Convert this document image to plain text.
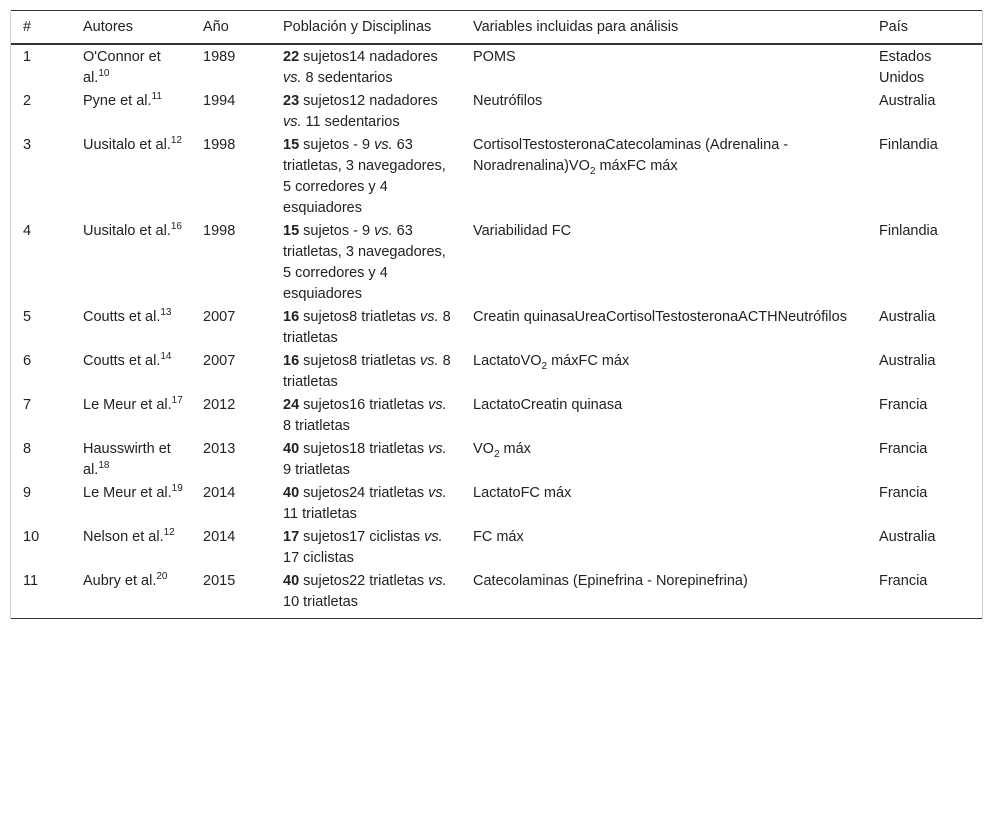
#	Autores	Año	Población y Disciplinas	Variables incluidas para análisis	País
1	O'Connor et al.$^{10}$	1989	22 sujetos14 nadadores vs. 8 sedentarios	POMS	Estados Unidos
2	Pyne et al.$^{11}$	1994	23 sujetos12 nadadores vs. 11 sedentarios	Neutrófilos	Australia
3	Uusitalo et al.$^{12}$	1998	15 sujetos - 9 vs. 63 triatletas, 3 navegadores, 5 corredores y 4 esquiadores	CortisolTestosteronaCatecolaminas (Adrenalina - $Noradrenalina)VO_2$ máxFC máx	Finlandia
4	Uusitalo et al.$^{16}$	1998	15 sujetos - 9 vs. 63 triatletas, 3 navegadores, 5 corredores y 4 esquiadores	Variabilidad FC	Finlandia
5	Coutts et al.$^{13}$	2007	16 sujetos8 triatletas vs. 8 triatletas	Creatin quinasaUreaCortisolTestosteronaACTHNeutrófilos	Australia
6	Coutts et al.$^{14}$	2007	16 sujetos8 triatletas vs. 8 triatletas	LactatoVO$_2$ máxFC máx	Australia
7	Le Meur et al.$^{17}$	2012	24 sujetos16 triatletas vs. 8 triatletas	LactatoCreatin quinasa	Francia
8	Hausswirth et al.$^{18}$	2013	40 sujetos18 triatletas vs. 9 triatletas	$VO_2$ máx	Francia
9	Le Meur et al.$^{19}$	2014	40 sujetos24 triatletas vs. 11 triatletas	LactatoFC máx	Francia
10	Nelson et al.$^{12}$	2014	17 sujetos17 ciclistas vs. 17 ciclistas	FC máx	Australia
11	Aubry et al.$^{20}$	2015	40 sujetos22 triatletas vs. 10 triatletas	Catecolaminas (Epinefrina - Norepinefrina)	Francia
